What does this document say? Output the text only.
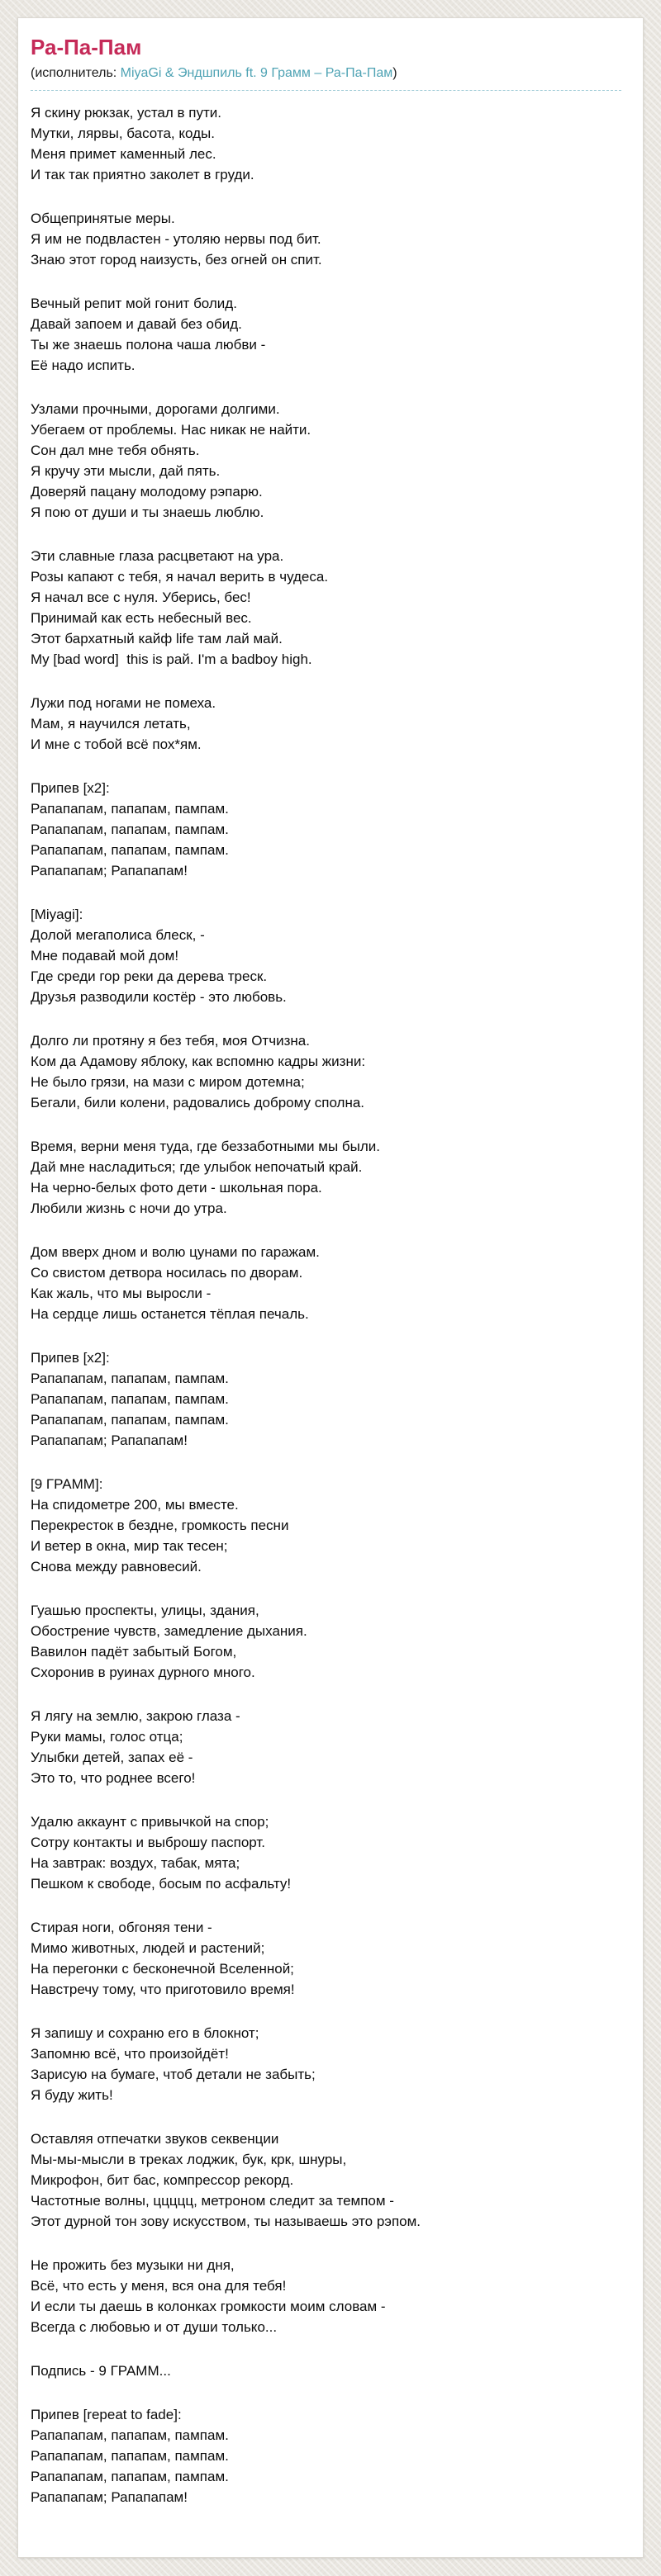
Ра-Па-Пам
(исполнитель: MiyaGi & Эндшпиль ft. 9 Грамм – Ра-Па-Пам)

Я скину рюкзак, устал в пути.
Мутки, лярвы, басота, коды.
Меня примет каменный лес.
И так так приятно заколет в груди.

Общепринятые меры.
Я им не подвластен - утоляю нервы под бит.
Знаю этот город наизусть, без огней он спит.

Вечный репит мой гонит болид.
Давай запоем и давай без обид.
Ты же знаешь полона чаша любви -
Её надо испить.

Узлами прочными, дорогами долгими.
Убегаем от проблемы. Нас никак не найти.
Сон дал мне тебя обнять.
Я кручу эти мысли, дай пять.
Доверяй пацану молодому рэпарю.
Я пою от души и ты знаешь люблю.

Эти славные глаза расцветают на ура.
Розы капают с тебя, я начал верить в чудеса.
Я начал все с нуля. Уберись, бес!
Принимай как есть небесный вес.
Этот бархатный кайф life там лай май.
My [bad word]  this is рай. I'm a badboy high.

Лужи под ногами не помеха.
Мам, я научился летать,
И мне с тобой всё пох*ям.

Припев [x2]:
Рапапапам, папапам, пампам.
Рапапапам, папапам, пампам.
Рапапапам, папапам, пампам.
Рапапапам; Рапапапам!

[Miyagi]:
Долой мегаполиса блеск, -
Мне подавай мой дом!
Где среди гор реки да дерева треск.
Друзья разводили костёр - это любовь.

Долго ли протяну я без тебя, моя Отчизна.
Ком да Адамову яблоку, как вспомню кадры жизни:
Не было грязи, на мази с миром дотемна;
Бегали, били колени, радовались доброму сполна.

Время, верни меня туда, где беззаботными мы были.
Дай мне насладиться; где улыбок непочатый край.
На черно-белых фото дети - школьная пора.
Любили жизнь с ночи до утра.

Дом вверх дном и волю цунами по гаражам.
Со свистом детвора носилась по дворам.
Как жаль, что мы выросли -
На сердце лишь останется тёплая печаль.

Припев [x2]:
Рапапапам, папапам, пампам.
Рапапапам, папапам, пампам.
Рапапапам, папапам, пампам.
Рапапапам; Рапапапам!

[9 ГРАММ]:
На спидометре 200, мы вместе.
Перекресток в бездне, громкость песни
И ветер в окна, мир так тесен;
Снова между равновесий.

Гуашью проспекты, улицы, здания,
Обострение чувств, замедление дыхания.
Вавилон падёт забытый Богом,
Схоронив в руинах дурного много.

Я лягу на землю, закрою глаза -
Руки мамы, голос отца;
Улыбки детей, запах её -
Это то, что роднее всего!

Удалю аккаунт с привычкой на спор;
Сотру контакты и выброшу паспорт.
На завтрак: воздух, табак, мята;
Пешком к свободе, босым по асфальту!

Стирая ноги, обгоняя тени -
Мимо животных, людей и растений;
На перегонки с бесконечной Вселенной;
Навстречу тому, что приготовило время!

Я запишу и сохраню его в блокнот;
Запомню всё, что произойдёт!
Зарисую на бумаге, чтоб детали не забыть;
Я буду жить!

Оставляя отпечатки звуков секвенции
Мы-мы-мысли в треках лоджик, бук, крк, шнуры,
Микрофон, бит бас, компрессор рекорд.
Частотные волны, ццццц, метроном следит за темпом -
Этот дурной тон зову искусством, ты называешь это рэпом.

Не прожить без музыки ни дня,
Всё, что есть у меня, вся она для тебя!
И если ты даешь в колонках громкости моим словам -
Всегда с любовью и от души только...

Подпись - 9 ГРАММ...

Припев [repeat to fade]:
Рапапапам, папапам, пампам.
Рапапапам, папапам, пампам.
Рапапапам, папапам, пампам.
Рапапапам; Рапапапам!
